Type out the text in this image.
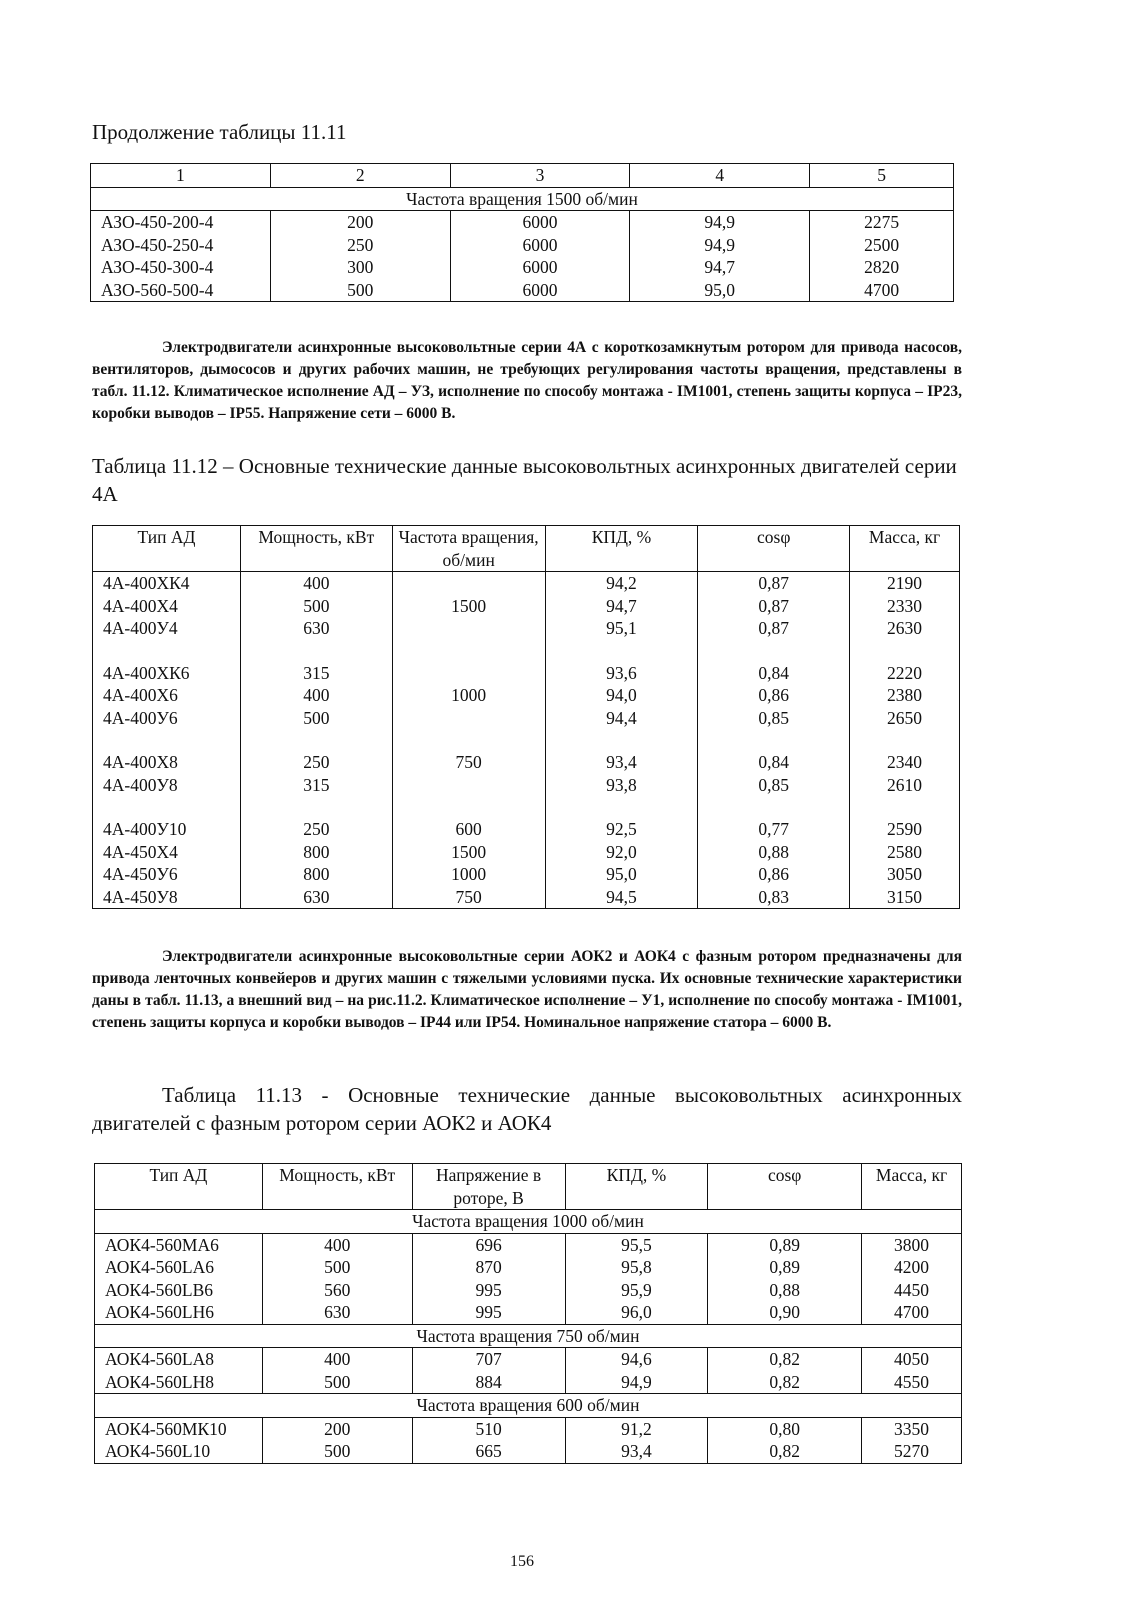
Продолжение таблицы 11.11
1	2	3	4	5
Частота вращения 1500 об/мин				
АЗО-450-200-4	200	6000	94,9	2275
АЗО-450-250-4	250	6000	94,9	2500
АЗО-450-300-4	300	6000	94,7	2820
АЗО-560-500-4	500	6000	95,0	4700
Электродвигатели асинхронные высоковольтные серии 4А с короткозамкнутым ротором для привода насосов, вентиляторов, дымососов и других рабочих машин, не требующих регулирования частоты вращения, представлены в табл. 11.12. Климатическое исполнение АД – УЗ, исполнение по способу монтажа - IM1001, степень защиты корпуса – IP23, коробки выводов – IP55. Напряжение сети – 6000 В.
Таблица 11.12 – Основные технические данные высоковольтных асинхронных двигателей серии 4А
Тип АД	Мощность, кВт	Частота вращения, об/мин	КПД, %	cosφ	Масса, кг
4А-400ХК4	400		94,2	0,87	2190
4А-400Х4	500	1500	94,7	0,87	2330
4А-400У4	630		95,1	0,87	2630

4А-400ХК6	315		93,6	0,84	2220
4А-400Х6	400	1000	94,0	0,86	2380
4А-400У6	500		94,4	0,85	2650

4А-400Х8	250	750	93,4	0,84	2340
4А-400У8	315		93,8	0,85	2610

4А-400У10	250	600	92,5	0,77	2590
4А-450Х4	800	1500	92,0	0,88	2580
4А-450У6	800	1000	95,0	0,86	3050
4А-450У8	630	750	94,5	0,83	3150
Электродвигатели асинхронные высоковольтные серии АОК2 и АОК4 с фазным ротором предназначены для привода ленточных конвейеров и других машин с тяжелыми условиями пуска. Их основные технические характеристики даны в табл. 11.13, а внешний вид – на рис.11.2. Климатическое исполнение – У1, исполнение по способу монтажа - IM1001, степень защиты корпуса и коробки выводов – IP44 или IP54. Номинальное напряжение статора – 6000 В.
Таблица 11.13 - Основные технические данные высоковольтных асинхронных двигателей с фазным ротором серии АОК2 и АОК4
Тип АД	Мощность, кВт	Напряжение в роторе, В	КПД, %	cosφ	Масса, кг
Частота вращения 1000 об/мин					
АОК4-560МА6	400	696	95,5	0,89	3800
АОК4-560LA6	500	870	95,8	0,89	4200
АОК4-560LB6	560	995	95,9	0,88	4450
АОК4-560LH6	630	995	96,0	0,90	4700
Частота вращения 750 об/мин					
АОК4-560LA8	400	707	94,6	0,82	4050
АОК4-560LH8	500	884	94,9	0,82	4550
Частота вращения 600 об/мин					
АОК4-560МК10	200	510	91,2	0,80	3350
АОК4-560L10	500	665	93,4	0,82	5270
156
